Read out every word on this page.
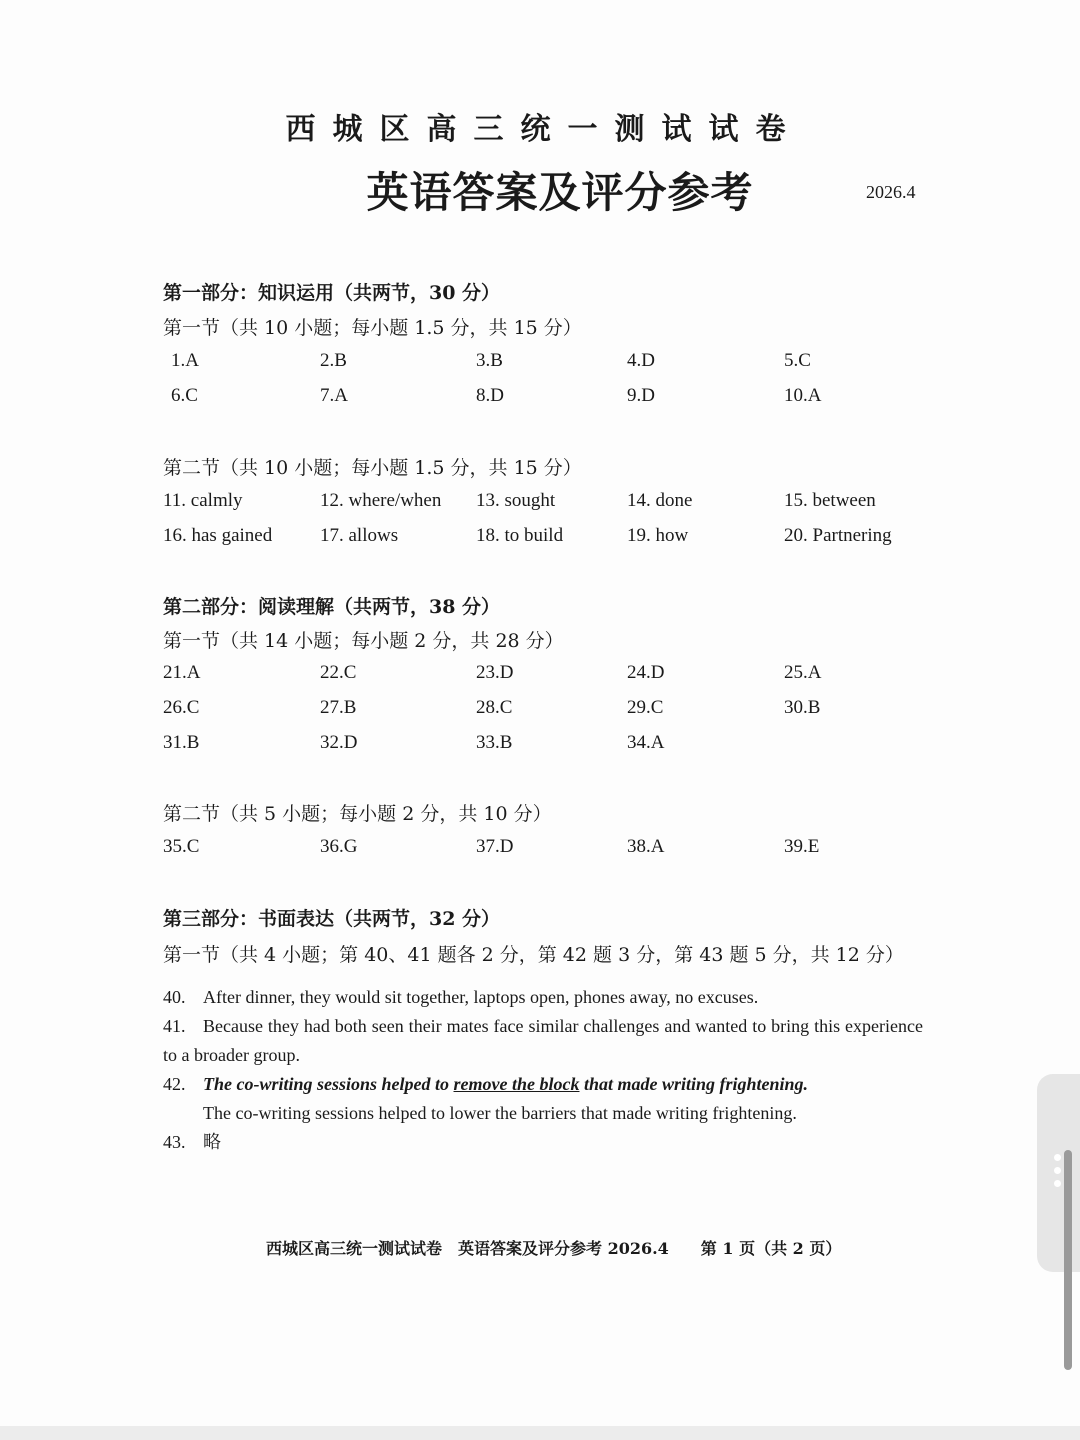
西城区高三统一测试试卷
英语答案及评分参考	2026.4
第一部分：知识运用（共两节，30 分）
第一节（共 10 小题；每小题 1.5 分，共 15 分）
1.A	2.B	3.B	4.D	5.C
6.C	7.A	8.D	9.D	10.A
第二节（共 10 小题；每小题 1.5 分，共 15 分）
11. calmly	12. where/when 13. sought	14. done	15. between
16. has gained	17. allows	18. to build	19. how	20. Partnering
第二部分：阅读理解（共两节，38 分）
第一节（共 14 小题；每小题 2 分，共 28 分）
21.A	22.C	23.D	24.D	25.A
26.C	27.B	28.C	29.C	30.B
31.B	32.D	33.B	34.A
第二节（共 5 小题；每小题 2 分，共 10 分）
35.C	36.G	37.D	38.A	39.E
第三部分：书面表达（共两节，32 分）
第一节（共 4 小题；第 40、41 题各 2 分，第 42 题 3 分，第 43 题 5 分，共 12 分）
40. After dinner, they would sit together, laptops open, phones away, no excuses.
41. Because they had both seen their mates face similar challenges and wanted to bring this experience to a broader group.
42. The co-writing sessions helped to remove the block that made writing frightening.
The co-writing sessions helped to lower the barriers that made writing frightening.
43. 略
西城区高三统一测试试卷　英语答案及评分参考 2026.4　　第 1 页（共 2 页）
